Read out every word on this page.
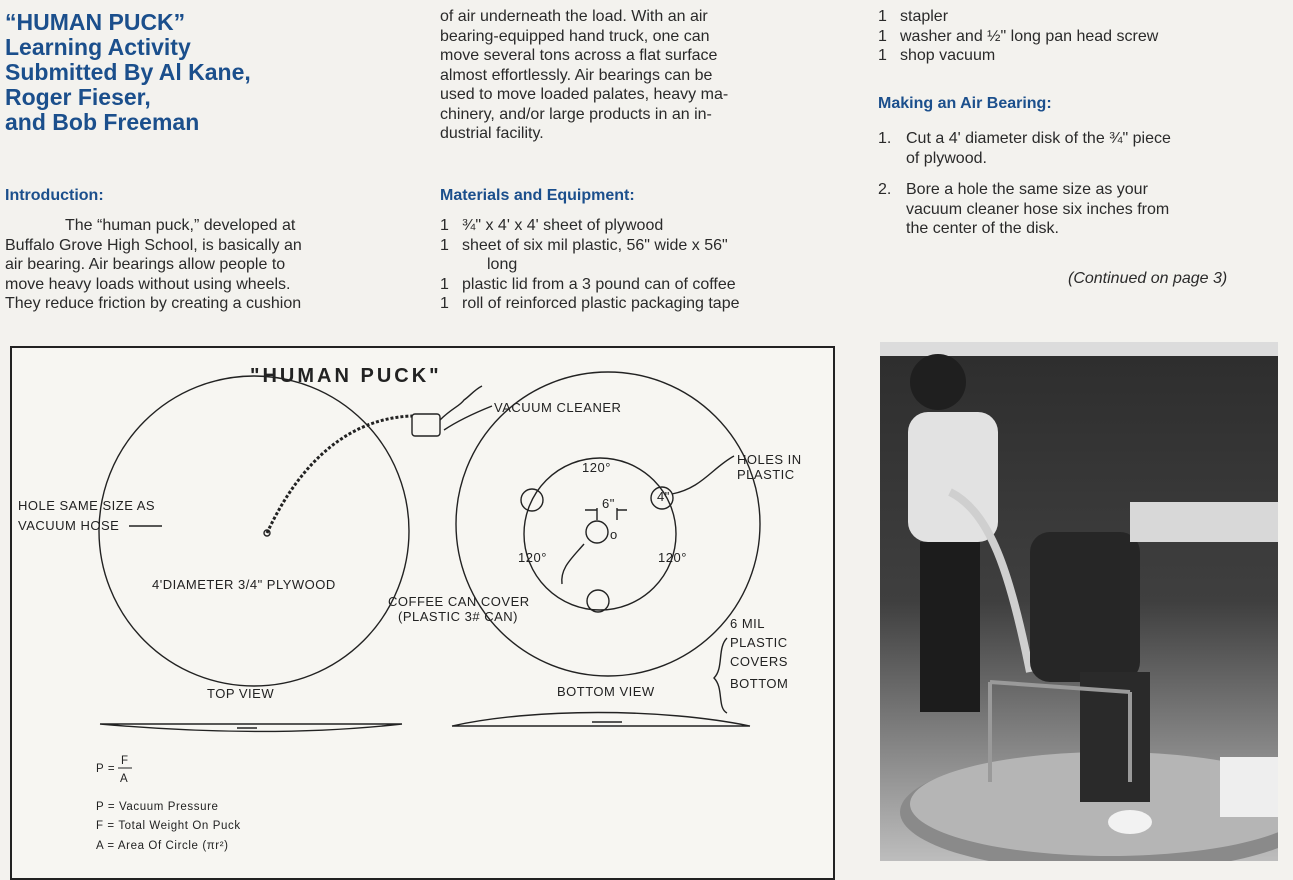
“HUMAN PUCK”
Learning Activity
Submitted By Al Kane,
Roger Fieser,
and Bob Freeman
Introduction:
The “human puck,” developed at
Buffalo Grove High School, is basically an
air bearing. Air bearings allow people to
move heavy loads without using wheels.
They reduce friction by creating a cushion
of air underneath the load. With an air
bearing-equipped hand truck, one can
move several tons across a flat surface
almost effortlessly. Air bearings can be
used to move loaded palates, heavy ma-
chinery, and/or large products in an in-
dustrial facility.
Materials and Equipment:
1 ¾" x 4' x 4' sheet of plywood
1 sheet of six mil plastic, 56" wide x 56"
long
1 plastic lid from a 3 pound can of coffee
1 roll of reinforced plastic packaging tape
1 stapler
1 washer and ½" long pan head screw
1 shop vacuum
Making an Air Bearing:
1. Cut a 4' diameter disk of the ¾" piece
of plywood.
2. Bore a hole the same size as your
vacuum cleaner hose six inches from
the center of the disk.
(Continued on page 3)
"HUMAN PUCK"
VACUUM CLEANER
HOLES IN
PLASTIC
HOLE SAME SIZE AS
VACUUM HOSE
4'DIAMETER 3/4" PLYWOOD
COFFEE CAN COVER
(PLASTIC 3# CAN)	6 MIL
PLASTIC
COVERS
BOTTOM
TOP VIEW	BOTTOM VIEW
120°
120°	120°
6"	4"
o
P =
F
A
P = Vacuum Pressure
F = Total Weight On Puck
A = Area Of Circle (πr²)
